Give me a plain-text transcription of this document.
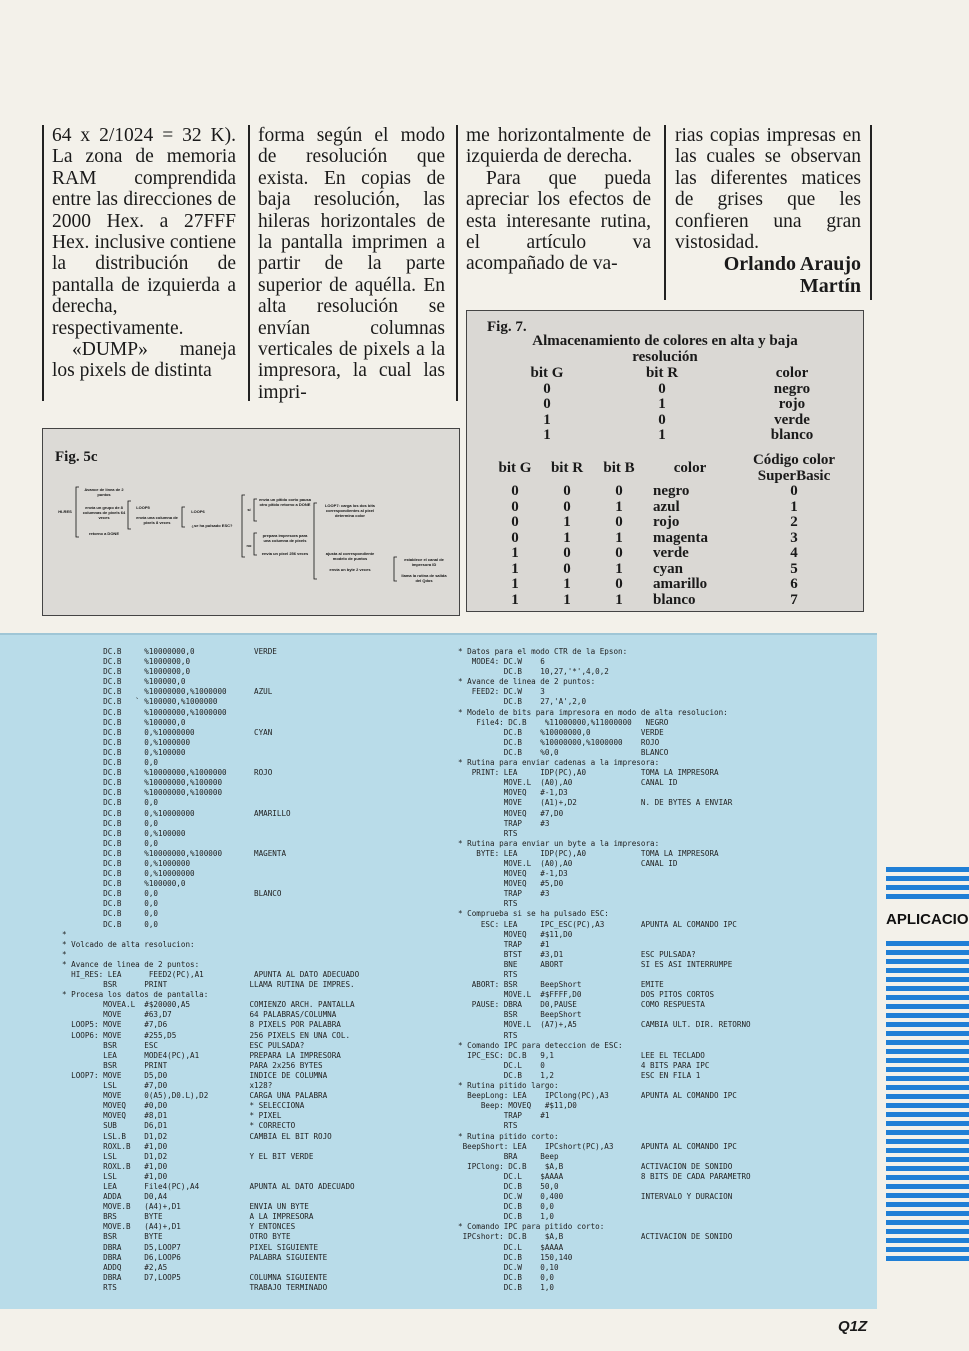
64 x 2/1024 = 32 K). La zona de memoria RAM comprendida entre las direcciones de 2000 Hex. a 27FFF Hex. inclusive contiene la distribución de pantalla de izquierda a derecha, respectivamente.

«DUMP» maneja los pixels de distinta

forma según el modo de resolución que exista. En copias de baja resolución, las hileras horizontales de la pantalla imprimen a partir de la parte superior de aquélla. En alta resolución se envían columnas verticales de pixels a la impresora, la cual las impri-

me horizontalmente de izquierda de derecha.

Para que pueda apreciar los efectos de esta interesante rutina, el artículo va acompañado de va-

rias copias impresas en las cuales se observan las diferentes matices de grises que les confieren una gran vistosidad.

Orlando Araujo

Martín

Fig. 7.
Almacenamiento de colores en alta y baja
resolución
bit G	bit R	color
0	0	negro
0	1	rojo
1	0	verde
1	1	blanco
bit G	bit R	bit B	color	Código color SuperBasic
0	0	0	negro	0
0	0	1	azul	1
0	1	0	rojo	2
0	1	1	magenta	3
1	0	0	verde	4
1	0	1	cyan	5
1	1	0	amarillo	6
1	1	1	blanco	7
Fig. 5c
HI-RES
Avance de línea de 2 puntos
envía un grupo de 8 columnas de pixels 64 veces
retorno a DONE
LOOP5
envía una columna de pixels 8 veces
LOOP6
¿se ha pulsado ESC?
sí
no
envía un pitido corto pausa otro pitido retorno a DONE
prepara impresora para una columna de pixels
envía un pixel 256 veces
LOOP7: carga los dos bits correspondientes al pixel determina color
ajusta al correspondiente modelo de puntos
envía un byte 2 veces
establece el canal de impresora ID
llama la rutina de salida del Qdos
DC.B     %10000000,0             VERDE
DC.B     %1000000,0
DC.B     %1000000,0
DC.B     %100000,0
DC.B     %10000000,%1000000      AZUL
DC.B   ` %100000,%1000000
DC.B     %10000000,%1000000
DC.B     %100000,0
DC.B     0,%10000000             CYAN
DC.B     0,%1000000
DC.B     0,%100000
DC.B     0,0
DC.B     %10000000,%1000000      ROJO
DC.B     %10000000,%100000
DC.B     %10000000,%100000
DC.B     0,0
DC.B     0,%10000000             AMARILLO
DC.B     0,0
DC.B     0,%100000
DC.B     0,0
DC.B     %10000000,%100000       MAGENTA
DC.B     0,%1000000
DC.B     0,%10000000
DC.B     %100000,0
DC.B     0,0                     BLANCO
DC.B     0,0
DC.B     0,0
DC.B     0,0
*
* Volcado de alta resolucion:
*
* Avance de linea de 2 puntos:
HI_RES: LEA      FEED2(PC),A1           APUNTA AL DATO ADECUADO
BSR      PRINT                  LLAMA RUTINA DE IMPRES.
* Procesa los datos de pantalla:
MOVEA.L  #$20000,A5             COMIENZO ARCH. PANTALLA
MOVE     #63,D7                 64 PALABRAS/COLUMNA
LOOP5: MOVE     #7,D6                  8 PIXELS POR PALABRA
LOOP6: MOVE     #255,D5                256 PIXELS EN UNA COL.
BSR      ESC                    ESC PULSADA?
LEA      MODE4(PC),A1           PREPARA LA IMPRESORA
BSR      PRINT                  PARA 2x256 BYTES
LOOP7: MOVE     D5,D0                  INDICE DE COLUMNA
LSL      #7,D0                  x128?
MOVE     0(A5),D0.L),D2         CARGA UNA PALABRA
MOVEQ    #0,D0                  * SELECCIONA
MOVEQ    #8,D1                  * PIXEL
SUB      D6,D1                  * CORRECTO
LSL.B    D1,D2                  CAMBIA EL BIT ROJO
ROXL.B   #1,D0
LSL      D1,D2                  Y EL BIT VERDE
ROXL.B   #1,D0
LSL      #1,D0
LEA      File4(PC),A4           APUNTA AL DATO ADECUADO
ADDA     D0,A4
MOVE.B   (A4)+,D1               ENVIA UN BYTE
BRS      BYTE                   A LA IMPRESORA
MOVE.B   (A4)+,D1               Y ENTONCES
BSR      BYTE                   OTRO BYTE
DBRA     D5,LOOP7               PIXEL SIGUIENTE
DBRA     D6,LOOP6               PALABRA SIGUIENTE
ADDQ     #2,A5
DBRA     D7,LOOP5               COLUMNA SIGUIENTE
RTS                             TRABAJO TERMINADO
* Datos para el modo CTR de la Epson:
MODE4: DC.W    6
DC.B    10,27,'*',4,0,2
* Avance de linea de 2 puntos:
FEED2: DC.W    3
DC.B    27,'A',2,0
* Modelo de bits para impresora en modo de alta resolucion:
File4: DC.B    %11000000,%11000000   NEGRO
DC.B    %10000000,0           VERDE
DC.B    %10000000,%1000000    ROJO
DC.B    %0,0                  BLANCO
* Rutina para enviar cadenas a la impresora:
PRINT: LEA     IDP(PC),A0            TOMA LA IMPRESORA
MOVE.L  (A0),A0               CANAL ID
MOVEQ   #-1,D3
MOVE    (A1)+,D2              N. DE BYTES A ENVIAR
MOVEQ   #7,D0
TRAP    #3
RTS
* Rutina para enviar un byte a la impresora:
BYTE: LEA     IDP(PC),A0            TOMA LA IMPRESORA
MOVE.L  (A0),A0               CANAL ID
MOVEQ   #-1,D3
MOVEQ   #5,D0
TRAP    #3
RTS
* Comprueba si se ha pulsado ESC:
ESC: LEA     IPC_ESC(PC),A3        APUNTA AL COMANDO IPC
MOVEQ   #$11,D0
TRAP    #1
BTST    #3,D1                 ESC PULSADA?
BNE     ABORT                 SI ES ASI INTERRUMPE
RTS
ABORT: BSR     BeepShort             EMITE
MOVE.L  #$FFFF,D0             DOS PITOS CORTOS
PAUSE: DBRA    D0,PAUSE              COMO RESPUESTA
BSR     BeepShort
MOVE.L  (A7)+,A5              CAMBIA ULT. DIR. RETORNO
RTS
* Comando IPC para deteccion de ESC:
IPC_ESC: DC.B   9,1                   LEE EL TECLADO
DC.L    0                     4 BITS PARA IPC
DC.B    1,2                   ESC EN FILA 1
* Rutina pitido largo:
BeepLong: LEA    IPClong(PC),A3       APUNTA AL COMANDO IPC
Beep: MOVEQ   #$11,D0
TRAP    #1
RTS
* Rutina pitido corto:
BeepShort: LEA    IPCshort(PC),A3      APUNTA AL COMANDO IPC
BRA     Beep
IPClong: DC.B    $A,B                 ACTIVACION DE SONIDO
DC.L    $AAAA                 8 BITS DE CADA PARAMETRO
DC.B    50,0
DC.W    0,400                 INTERVALO Y DURACION
DC.B    0,0
DC.B    1,0
* Comando IPC para pitido corto:
IPCshort: DC.B    $A,B                 ACTIVACION DE SONIDO
DC.L    $AAAA
DC.B    150,140
DC.W    0,10
DC.B    0,0
DC.B    1,0
APLICACIO
Q1Z
